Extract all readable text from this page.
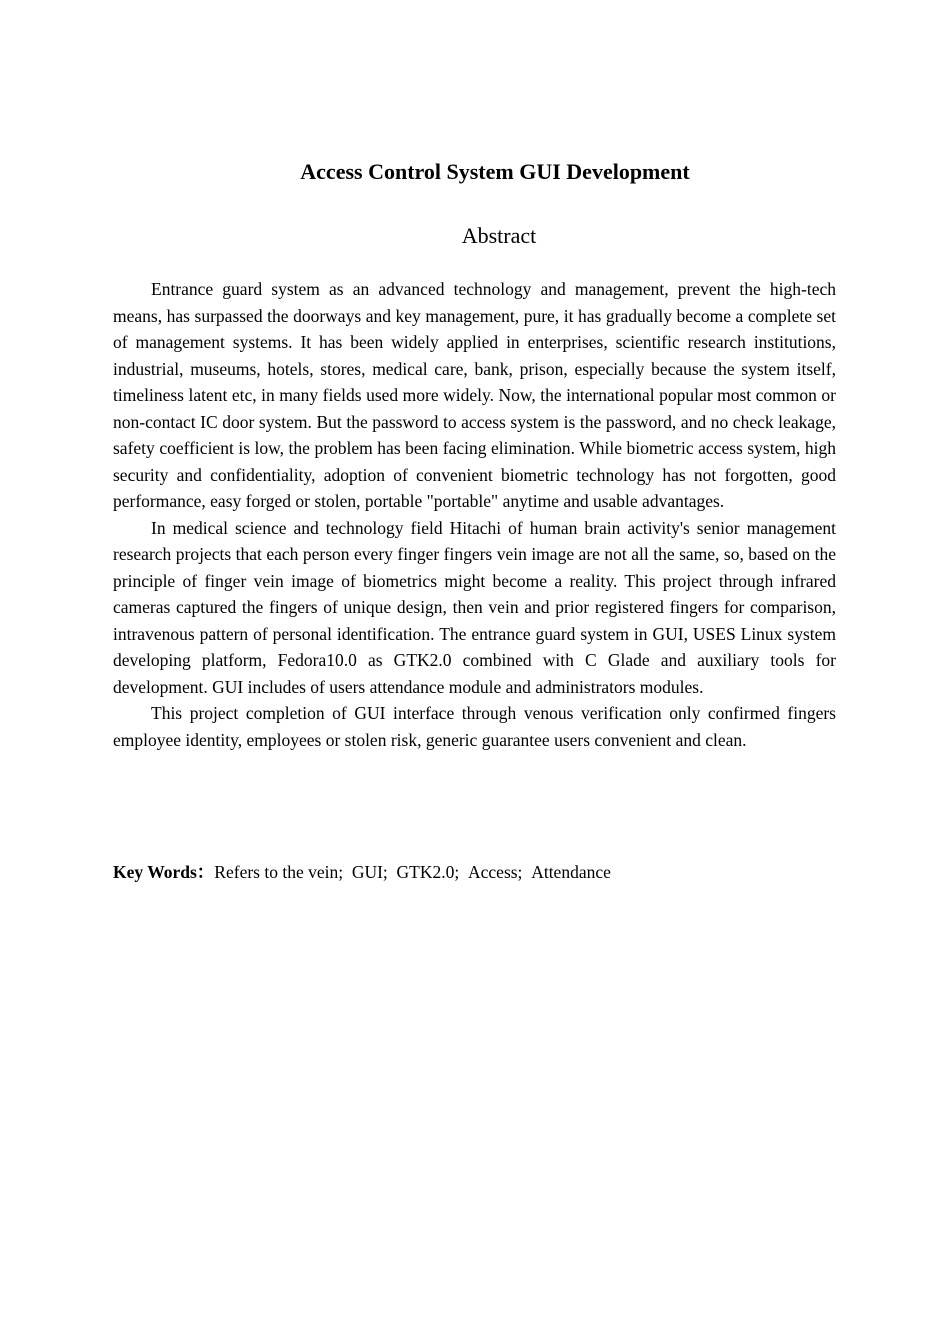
Access Control System GUI Development
Abstract

Entrance guard system as an advanced technology and management, prevent the high-tech means, has surpassed the doorways and key management, pure, it has gradually become a complete set of management systems. It has been widely applied in enterprises, scientific research institutions, industrial, museums, hotels, stores, medical care, bank, prison, especially because the system itself, timeliness latent etc, in many fields used more widely. Now, the international popular most common or non-contact IC door system. But the password to access system is the password, and no check leakage, safety coefficient is low, the problem has been facing elimination. While biometric access system, high security and confidentiality, adoption of convenient biometric technology has not forgotten, good performance, easy forged or stolen, portable "portable" anytime and usable advantages.

In medical science and technology field Hitachi of human brain activity's senior management research projects that each person every finger fingers vein image are not all the same, so, based on the principle of finger vein image of biometrics might become a reality. This project through infrared cameras captured the fingers of unique design, then vein and prior registered fingers for comparison, intravenous pattern of personal identification. The entrance guard system in GUI, USES Linux system developing platform, Fedora10.0 as GTK2.0 combined with C Glade and auxiliary tools for development. GUI includes of users attendance module and administrators modules.

This project completion of GUI interface through venous verification only confirmed fingers employee identity, employees or stolen risk, generic guarantee users convenient and clean.

Key Words：Refers to the vein; GUI; GTK2.0; Access; Attendance
